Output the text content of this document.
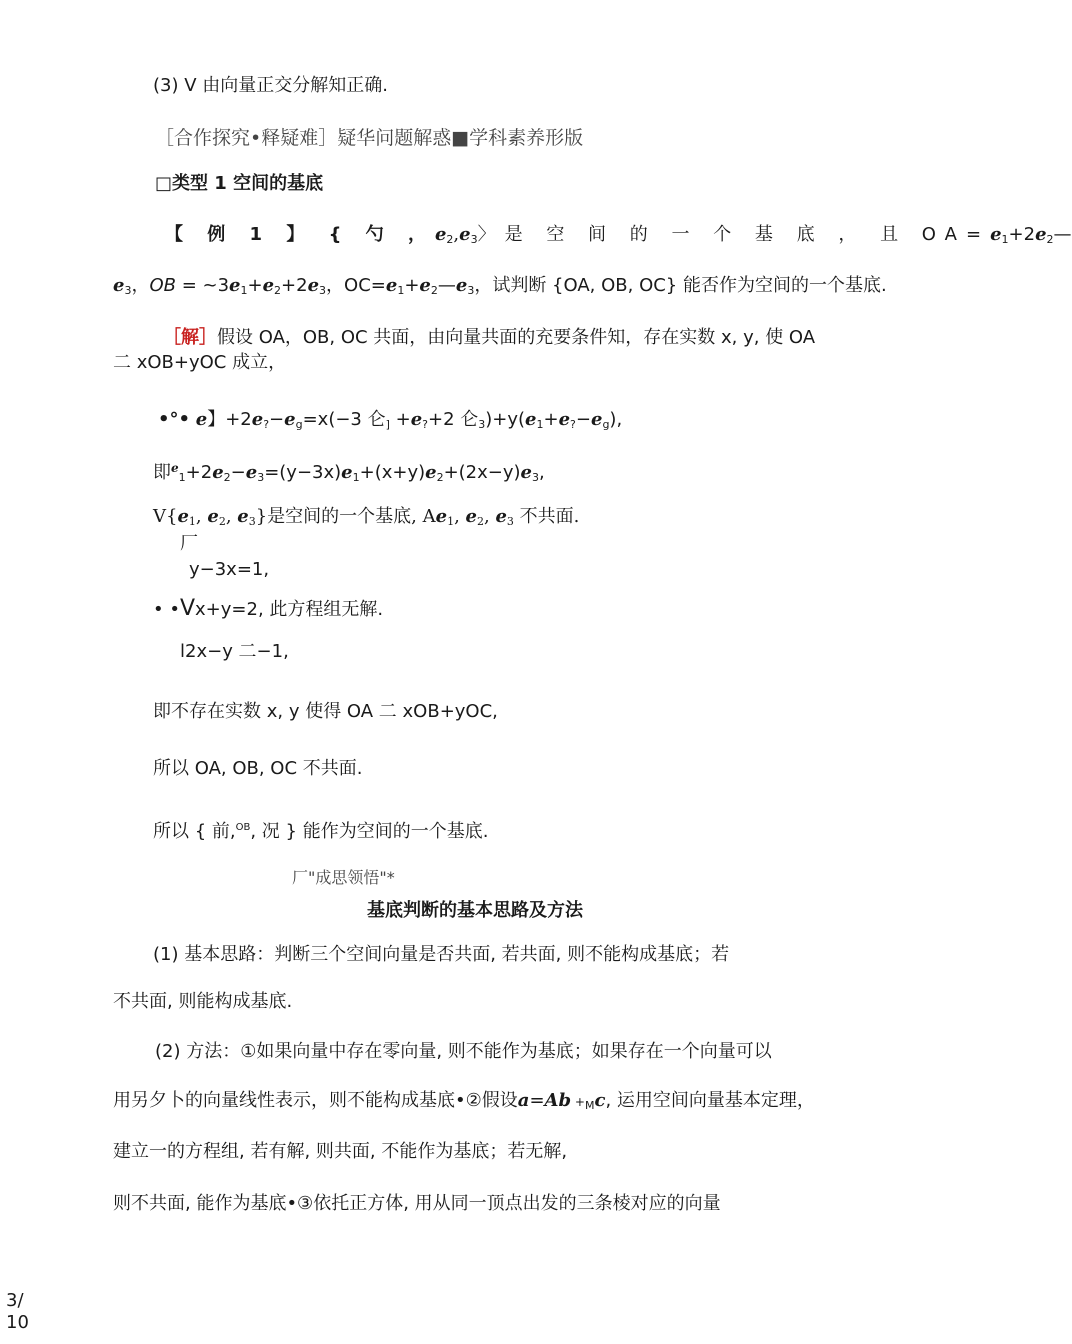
(3) V 由向量正交分解知正确.
［合作探究•释疑难］疑华问题解惑■学科素养形版
□类型 1 空间的基底
【 例 1 】 { 勺 ，$e_2,e_3$〉是 空 间 的 一 个 基 底 ， 且 $OA=e_1+2e_2—$
$e_3$，OB = $\sim 3e_1+e_2+2e_3$，$OC=e_1+e_2—e_3$，试判断 {OA, OB, OC} 能否作为空间的一个基底.
［解］假设 OA，OB, OC 共面，由向量共面的充要条件知，存在实数 x, y, 使 OA
二 xOB+yOC 成立，
•°• e】$+2e_?-e_g=x(-3$ 仑$_] +e_?+2$ 仑$_3)+y(e_1+e_?-e_g)$,
即$^e_1+2e_2-e_3=(y-3x)e_1+(x+y)e_2+(2x-y)e_3$,
$V\{e_1$, $e_2$, $e_3$}是空间的一个基底, $Ae_1$, $e_2$, $e_3$ 不共面.
厂
y−3x=1,
• •Vx+y=2, 此方程组无解.
l2x−y 二−1,
即不存在实数 x, y 使得 OA 二 xOB+yOC,
所以 OA, OB, OC 不共面.
所以 { 前,$^{OB}$, 况 } 能作为空间的一个基底.
厂"成思领悟"*
基底判断的基本思路及方法
(1) 基本思路：判断三个空间向量是否共面, 若共面, 则不能构成基底；若
不共面, 则能构成基底.
(2) 方法：①如果向量中存在零向量, 则不能作为基底；如果存在一个向量可以
用另夕卜的向量线性表示，则不能构成基底•②假设$a=Ab +_Mc$, 运用空间向量基本定理，
建立一的方程组, 若有解, 则共面, 不能作为基底；若无解,
则不共面, 能作为基底•③依托正方体, 用从同一顶点出发的三条棱对应的向量
3/
10
